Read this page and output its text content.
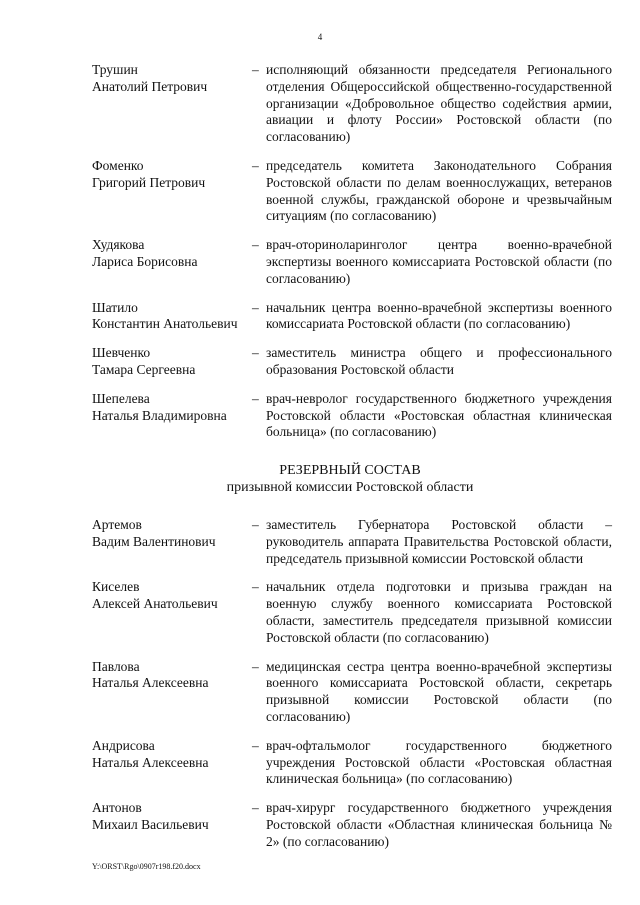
4
Трушин
Анатолий Петрович
– исполняющий обязанности председателя Регионального отделения Общероссийской общественно-государственной организации «Добровольное общество содействия армии, авиации и флоту России» Ростовской области (по согласованию)
Фоменко
Григорий Петрович
– председатель комитета Законодательного Собрания Ростовской области по делам военнослужащих, ветеранов военной службы, гражданской обороне и чрезвычайным ситуациям (по согласованию)
Худякова
Лариса Борисовна
– врач-оториноларинголог центра военно-врачебной экспертизы военного комиссариата Ростовской области (по согласованию)
Шатило
Константин Анатольевич
– начальник центра военно-врачебной экспертизы военного комиссариата Ростовской области (по согласованию)
Шевченко
Тамара Сергеевна
– заместитель министра общего и профессионального образования Ростовской области
Шепелева
Наталья Владимировна
– врач-невролог государственного бюджетного учреждения Ростовской области «Ростовская областная клиническая больница» (по согласованию)
РЕЗЕРВНЫЙ СОСТАВ
призывной комиссии Ростовской области
Артемов
Вадим Валентинович
– заместитель Губернатора Ростовской области – руководитель аппарата Правительства Ростовской области, председатель призывной комиссии Ростовской области
Киселев
Алексей Анатольевич
– начальник отдела подготовки и призыва граждан на военную службу военного комиссариата Ростовской области, заместитель председателя призывной комиссии Ростовской области (по согласованию)
Павлова
Наталья Алексеевна
– медицинская сестра центра военно-врачебной экспертизы военного комиссариата Ростовской области, секретарь призывной комиссии Ростовской области (по согласованию)
Андрисова
Наталья Алексеевна
– врач-офтальмолог государственного бюджетного учреждения Ростовской области «Ростовская областная клиническая больница» (по согласованию)
Антонов
Михаил Васильевич
– врач-хирург государственного бюджетного учреждения Ростовской области «Областная клиническая больница № 2» (по согласованию)
Y:\ORST\Rgo\0907r198.f20.docx
